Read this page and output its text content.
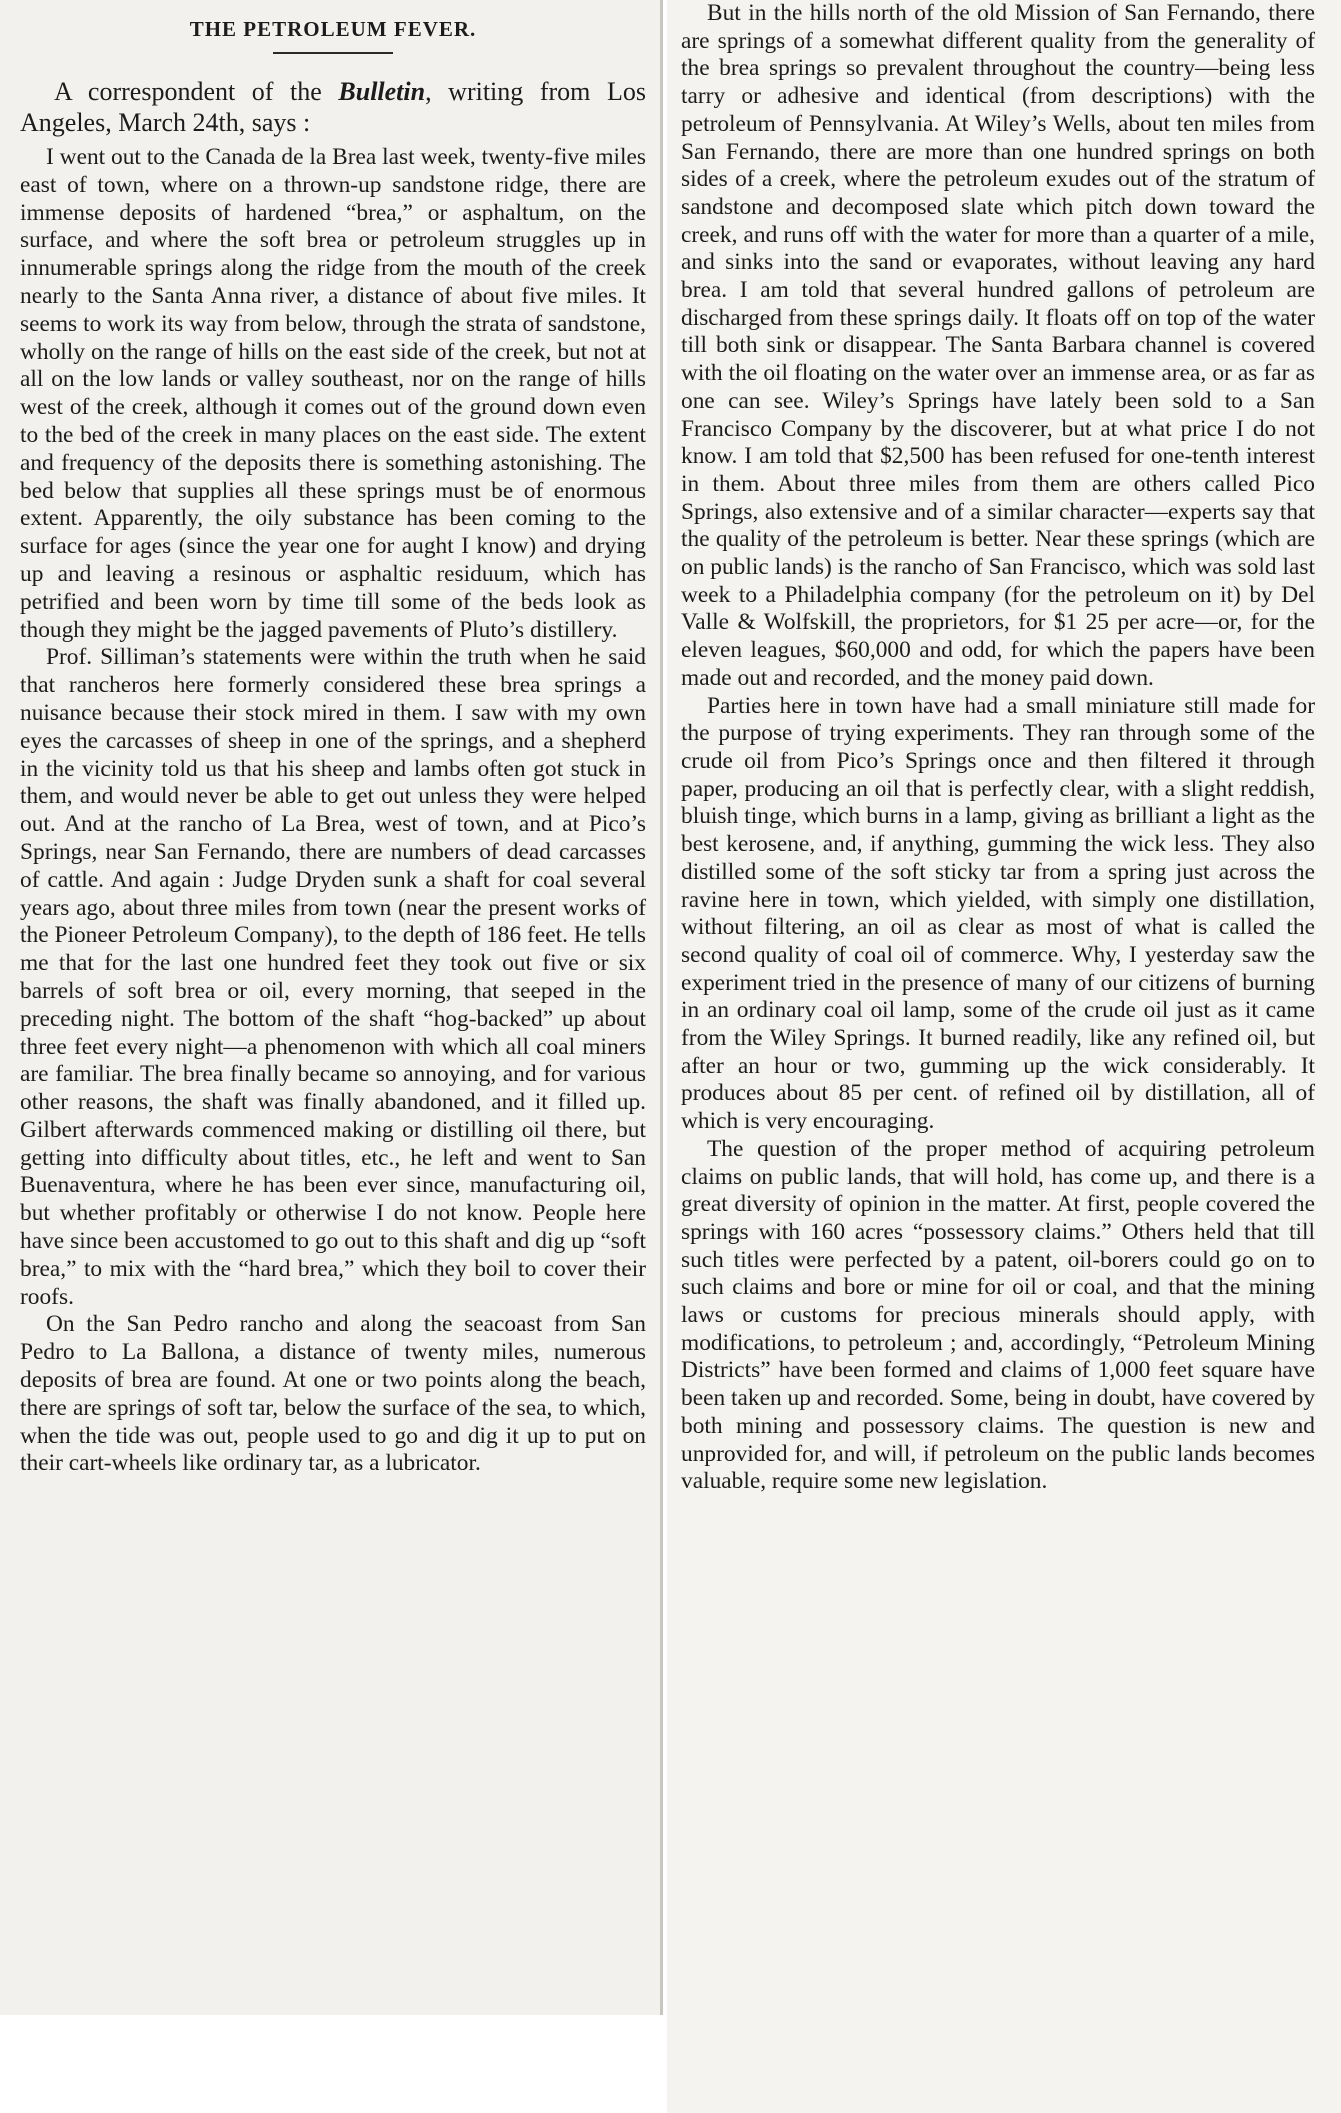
THE PETROLEUM FEVER.

A correspondent of the Bulletin, writing from Los Angeles, March 24th, says :

I went out to the Canada de la Brea last week, twenty-five miles east of town, where on a thrown-up sandstone ridge, there are immense deposits of hardened “brea,” or asphaltum, on the surface, and where the soft brea or petroleum struggles up in innumerable springs along the ridge from the mouth of the creek nearly to the Santa Anna river, a distance of about five miles. It seems to work its way from below, through the strata of sandstone, wholly on the range of hills on the east side of the creek, but not at all on the low lands or valley southeast, nor on the range of hills west of the creek, although it comes out of the ground down even to the bed of the creek in many places on the east side. The extent and frequency of the deposits there is something astonishing. The bed below that supplies all these springs must be of enormous extent. Apparently, the oily substance has been coming to the surface for ages (since the year one for aught I know) and drying up and leaving a resinous or asphaltic residuum, which has petrified and been worn by time till some of the beds look as though they might be the jagged pavements of Pluto’s distillery.

Prof. Silliman’s statements were within the truth when he said that rancheros here formerly considered these brea springs a nuisance because their stock mired in them. I saw with my own eyes the carcasses of sheep in one of the springs, and a shepherd in the vicinity told us that his sheep and lambs often got stuck in them, and would never be able to get out unless they were helped out. And at the rancho of La Brea, west of town, and at Pico’s Springs, near San Fernando, there are numbers of dead carcasses of cattle. And again : Judge Dryden sunk a shaft for coal several years ago, about three miles from town (near the present works of the Pioneer Petroleum Company), to the depth of 186 feet. He tells me that for the last one hundred feet they took out five or six barrels of soft brea or oil, every morning, that seeped in the preceding night. The bottom of the shaft “hog-backed” up about three feet every night—a phenomenon with which all coal miners are familiar. The brea finally became so annoying, and for various other reasons, the shaft was finally abandoned, and it filled up. Gilbert afterwards commenced making or distilling oil there, but getting into difficulty about titles, etc., he left and went to San Buenaventura, where he has been ever since, manufacturing oil, but whether profitably or otherwise I do not know. People here have since been accustomed to go out to this shaft and dig up “soft brea,” to mix with the “hard brea,” which they boil to cover their roofs.

On the San Pedro rancho and along the seacoast from San Pedro to La Ballona, a distance of twenty miles, numerous deposits of brea are found. At one or two points along the beach, there are springs of soft tar, below the surface of the sea, to which, when the tide was out, people used to go and dig it up to put on their cart-wheels like ordinary tar, as a lubricator.

But in the hills north of the old Mission of San Fernando, there are springs of a somewhat different quality from the generality of the brea springs so prevalent throughout the country—being less tarry or adhesive and identical (from descriptions) with the petroleum of Pennsylvania. At Wiley’s Wells, about ten miles from San Fernando, there are more than one hundred springs on both sides of a creek, where the petroleum exudes out of the stratum of sandstone and decomposed slate which pitch down toward the creek, and runs off with the water for more than a quarter of a mile, and sinks into the sand or evaporates, without leaving any hard brea. I am told that several hundred gallons of petroleum are discharged from these springs daily. It floats off on top of the water till both sink or disappear. The Santa Barbara channel is covered with the oil floating on the water over an immense area, or as far as one can see. Wiley’s Springs have lately been sold to a San Francisco Company by the discoverer, but at what price I do not know. I am told that $2,500 has been refused for one-tenth interest in them. About three miles from them are others called Pico Springs, also extensive and of a similar character—experts say that the quality of the petroleum is better. Near these springs (which are on public lands) is the rancho of San Francisco, which was sold last week to a Philadelphia company (for the petroleum on it) by Del Valle & Wolfskill, the proprietors, for $1 25 per acre—or, for the eleven leagues, $60,000 and odd, for which the papers have been made out and recorded, and the money paid down.

Parties here in town have had a small miniature still made for the purpose of trying experiments. They ran through some of the crude oil from Pico’s Springs once and then filtered it through paper, producing an oil that is perfectly clear, with a slight reddish, bluish tinge, which burns in a lamp, giving as brilliant a light as the best kerosene, and, if anything, gumming the wick less. They also distilled some of the soft sticky tar from a spring just across the ravine here in town, which yielded, with simply one distillation, without filtering, an oil as clear as most of what is called the second quality of coal oil of commerce. Why, I yesterday saw the experiment tried in the presence of many of our citizens of burning in an ordinary coal oil lamp, some of the crude oil just as it came from the Wiley Springs. It burned readily, like any refined oil, but after an hour or two, gumming up the wick considerably. It produces about 85 per cent. of refined oil by distillation, all of which is very encouraging.

The question of the proper method of acquiring petroleum claims on public lands, that will hold, has come up, and there is a great diversity of opinion in the matter. At first, people covered the springs with 160 acres “possessory claims.” Others held that till such titles were perfected by a patent, oil-borers could go on to such claims and bore or mine for oil or coal, and that the mining laws or customs for precious minerals should apply, with modifications, to petroleum ; and, accordingly, “Petroleum Mining Districts” have been formed and claims of 1,000 feet square have been taken up and recorded. Some, being in doubt, have covered by both mining and possessory claims. The question is new and unprovided for, and will, if petroleum on the public lands becomes valuable, require some new legislation.
